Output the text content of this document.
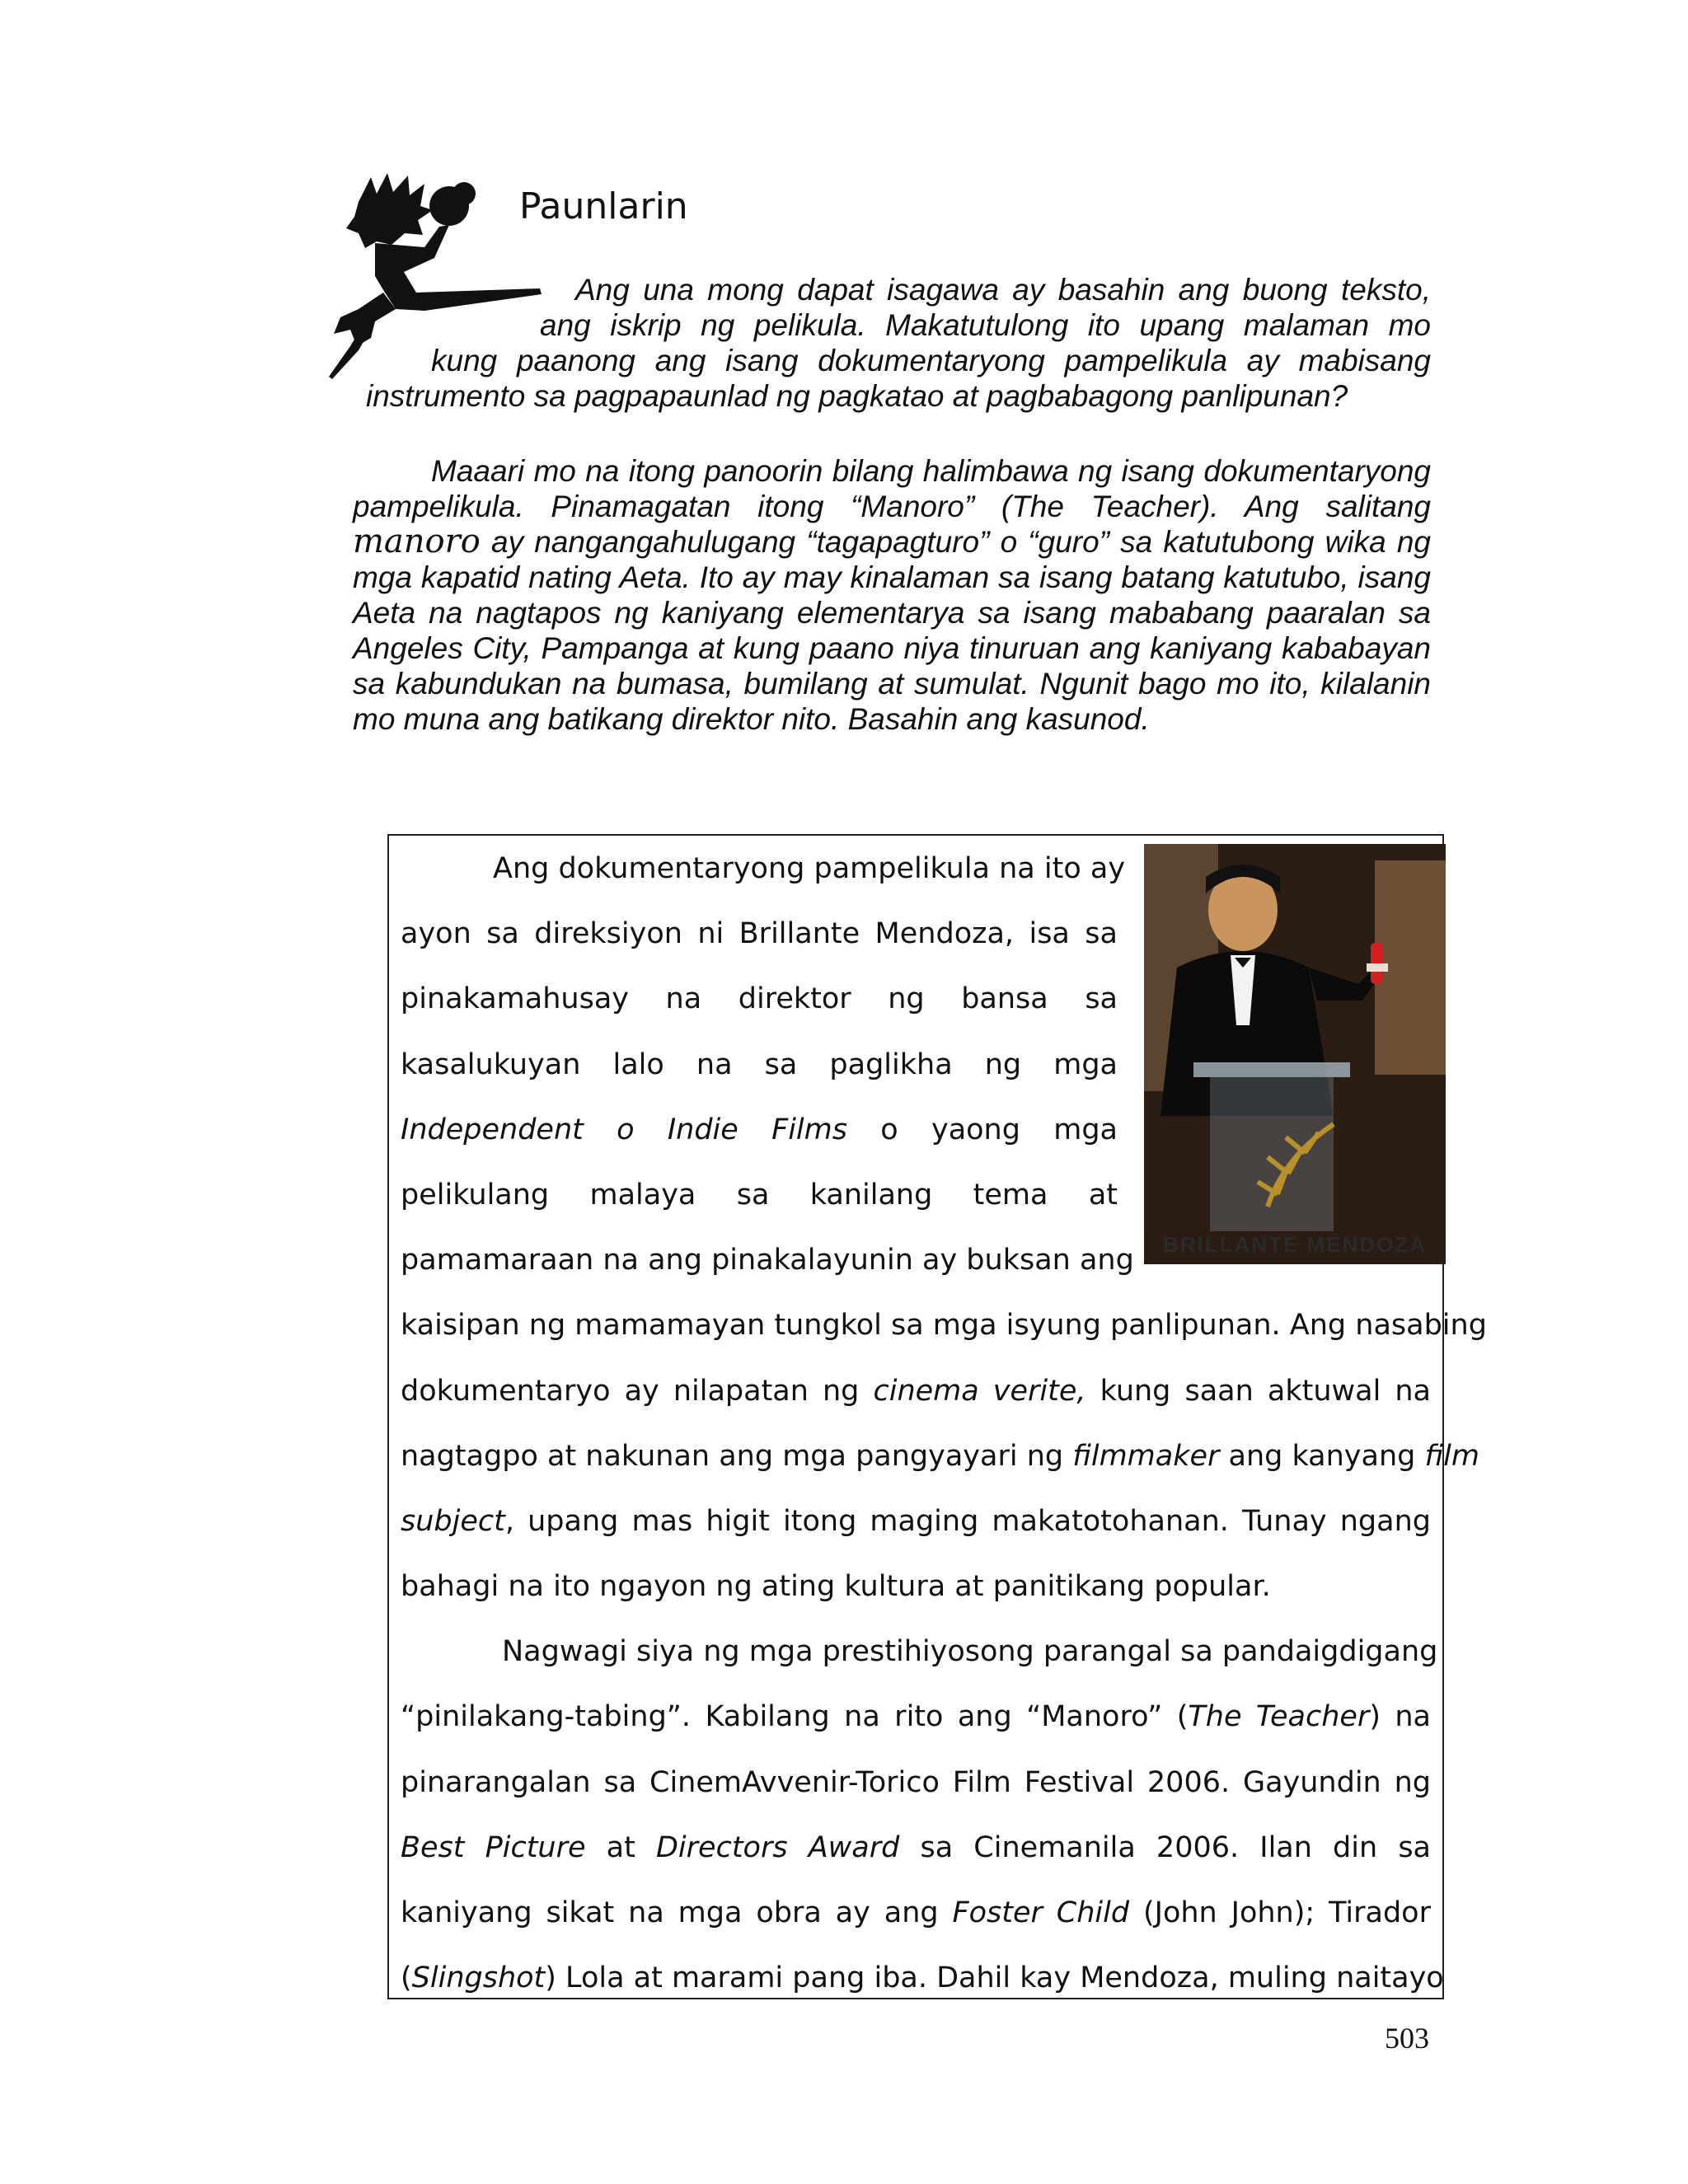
Paunlarin
Ang una mong dapat isagawa ay basahin ang buong teksto,
ang iskrip ng pelikula. Makatutulong ito upang malaman mo
kung paanong ang isang dokumentaryong pampelikula ay mabisang
instrumento sa pagpapaunlad ng pagkatao at pagbabagong panlipunan?
Maaari mo na itong panoorin bilang halimbawa ng isang dokumentaryong pampelikula. Pinamagatan itong “Manoro” (The Teacher). Ang salitang manoro ay nangangahulugang “tagapagturo” o “guro” sa katutubong wika ng mga kapatid nating Aeta. Ito ay may kinalaman sa isang batang katutubo, isang Aeta na nagtapos ng kaniyang elementarya sa isang mababang paaralan sa Angeles City, Pampanga at kung paano niya tinuruan ang kaniyang kababayan sa kabundukan na bumasa, bumilang at sumulat. Ngunit bago mo ito, kilalanin mo muna ang batikang direktor nito. Basahin ang kasunod.
BRILLANTE MENDOZA
Ang dokumentaryong pampelikula na ito ay
ayon sa direksiyon ni Brillante Mendoza, isa sa
pinakamahusay na direktor ng bansa sa
kasalukuyan lalo na sa paglikha ng mga
Independent o Indie Films o yaong mga
pelikulang malaya sa kanilang tema at
pamamaraan na ang pinakalayunin ay buksan ang
kaisipan ng mamamayan tungkol sa mga isyung panlipunan. Ang nasabing
dokumentaryo ay nilapatan ng cinema verite, kung saan aktuwal na
nagtagpo at nakunan ang mga pangyayari ng filmmaker ang kanyang film
subject, upang mas higit itong maging makatotohanan. Tunay ngang
bahagi na ito ngayon ng ating kultura at panitikang popular.
Nagwagi siya ng mga prestihiyosong parangal sa pandaigdigang
“pinilakang-tabing”. Kabilang na rito ang “Manoro” (The Teacher) na
pinarangalan sa CinemAvvenir-Torico Film Festival 2006. Gayundin ng
Best Picture at Directors Award sa Cinemanila 2006. Ilan din sa
kaniyang sikat na mga obra ay ang Foster Child (John John); Tirador
(Slingshot) Lola at marami pang iba. Dahil kay Mendoza, muling naitayo
503
